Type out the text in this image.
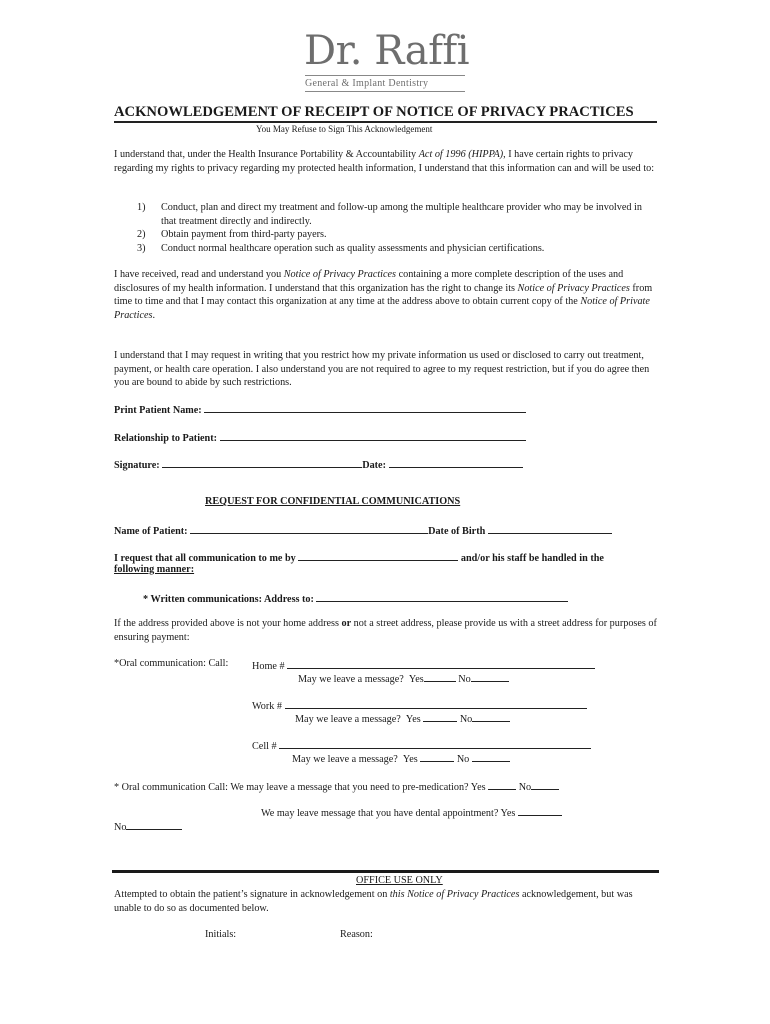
Dr. Raffi
General & Implant Dentistry
ACKNOWLEDGEMENT OF RECEIPT OF NOTICE OF PRIVACY PRACTICES
You May Refuse to Sign This Acknowledgement
I understand that, under the Health Insurance Portability & Accountability Act of 1996 (HIPPA), I have certain rights to privacy regarding my rights to privacy regarding my protected health information, I understand that this information can and will be used to:
1)	Conduct, plan and direct my treatment and follow-up among the multiple healthcare provider who may be involved in that treatment directly and indirectly.
2)	Obtain payment from third-party payers.
3)	Conduct normal healthcare operation such as quality assessments and physician certifications.
I have received, read and understand you Notice of Privacy Practices containing a more complete description of the uses and disclosures of my health information. I understand that this organization has the right to change its Notice of Privacy Practices from time to time and that I may contact this organization at any time at the address above to obtain current copy of the Notice of Private Practices.
I understand that I may request in writing that you restrict how my private information us used or disclosed to carry out treatment, payment, or health care operation. I also understand you are not required to agree to my request restriction, but if you do agree then you are bound to abide by such restrictions.
Print Patient Name:
Relationship to Patient:
Signature:	Date:
REQUEST FOR CONFIDENTIAL COMMUNICATIONS
Name of Patient:	Date of Birth
I request that all communication to me by	and/or his staff be handled in the
following manner:
* Written communications: Address to:
If the address provided above is not your home address or not a street address, please provide us with a street address for purposes of ensuring payment:
*Oral communication: Call: Home #
May we leave a message? Yes	No
Work #
May we leave a message? Yes	No
Cell #
May we leave a message? Yes	No
* Oral communication Call: We may leave a message that you need to pre-medication? Yes	No
We may leave message that you have dental appointment? Yes
No
OFFICE USE ONLY
Attempted to obtain the patient’s signature in acknowledgement on this Notice of Privacy Practices acknowledgement, but was unable to do so as documented below.
Initials:	Reason:
